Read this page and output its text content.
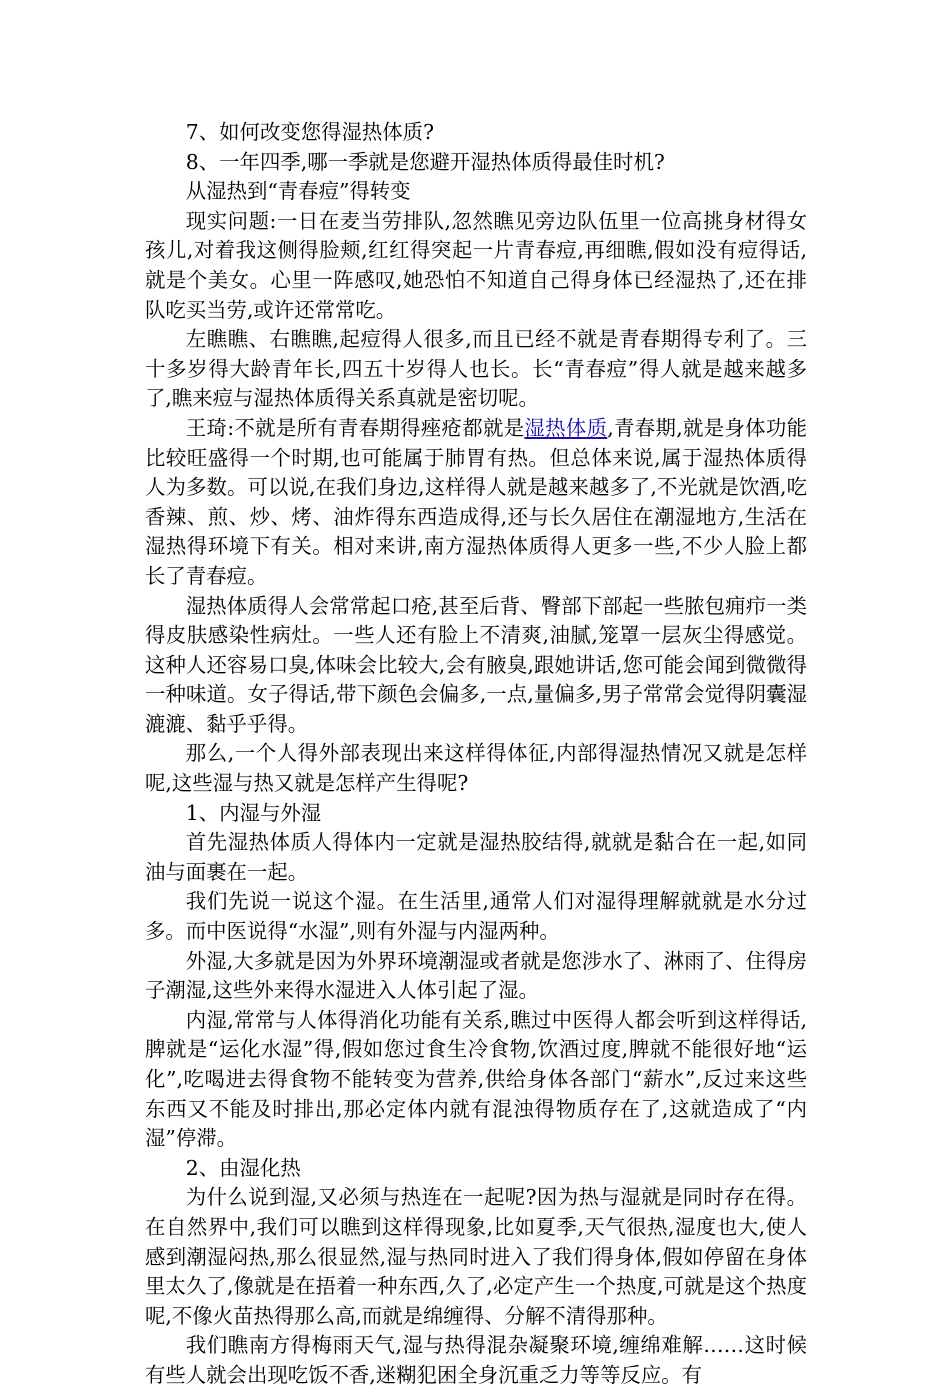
7、如何改变您得湿热体质?

8、一年四季,哪一季就是您避开湿热体质得最佳时机?

从湿热到“青春痘”得转变

现实问题:一日在麦当劳排队,忽然瞧见旁边队伍里一位高挑身材得女孩儿,对着我这侧得脸颊,红红得突起一片青春痘,再细瞧,假如没有痘得话,就是个美女。心里一阵感叹,她恐怕不知道自己得身体已经湿热了,还在排队吃买当劳,或许还常常吃。

左瞧瞧、右瞧瞧,起痘得人很多,而且已经不就是青春期得专利了。三十多岁得大龄青年长,四五十岁得人也长。长“青春痘”得人就是越来越多了,瞧来痘与湿热体质得关系真就是密切呢。

王琦:不就是所有青春期得痤疮都就是湿热体质,青春期,就是身体功能比较旺盛得一个时期,也可能属于肺胃有热。但总体来说,属于湿热体质得人为多数。可以说,在我们身边,这样得人就是越来越多了,不光就是饮酒,吃香辣、煎、炒、烤、油炸得东西造成得,还与长久居住在潮湿地方,生活在湿热得环境下有关。相对来讲,南方湿热体质得人更多一些,不少人脸上都长了青春痘。

湿热体质得人会常常起口疮,甚至后背、臀部下部起一些脓包痈疖一类得皮肤感染性病灶。一些人还有脸上不清爽,油腻,笼罩一层灰尘得感觉。这种人还容易口臭,体味会比较大,会有腋臭,跟她讲话,您可能会闻到微微得一种味道。女子得话,带下颜色会偏多,一点,量偏多,男子常常会觉得阴囊湿漉漉、黏乎乎得。

那么,一个人得外部表现出来这样得体征,内部得湿热情况又就是怎样呢,这些湿与热又就是怎样产生得呢?

1、内湿与外湿

首先湿热体质人得体内一定就是湿热胶结得,就就是黏合在一起,如同油与面裹在一起。

我们先说一说这个湿。在生活里,通常人们对湿得理解就就是水分过多。而中医说得“水湿”,则有外湿与内湿两种。

外湿,大多就是因为外界环境潮湿或者就是您涉水了、淋雨了、住得房子潮湿,这些外来得水湿进入人体引起了湿。

内湿,常常与人体得消化功能有关系,瞧过中医得人都会听到这样得话,脾就是“运化水湿”得,假如您过食生冷食物,饮酒过度,脾就不能很好地“运化”,吃喝进去得食物不能转变为营养,供给身体各部门“薪水”,反过来这些东西又不能及时排出,那必定体内就有混浊得物质存在了,这就造成了“内湿”停滞。

2、由湿化热

为什么说到湿,又必须与热连在一起呢?因为热与湿就是同时存在得。在自然界中,我们可以瞧到这样得现象,比如夏季,天气很热,湿度也大,使人感到潮湿闷热,那么很显然,湿与热同时进入了我们得身体,假如停留在身体里太久了,像就是在捂着一种东西,久了,必定产生一个热度,可就是这个热度呢,不像火苗热得那么高,而就是绵缠得、分解不清得那种。

我们瞧南方得梅雨天气,湿与热得混杂凝聚环境,缠绵难解……这时候有些人就会出现吃饭不香,迷糊犯困全身沉重乏力等等反应。有
